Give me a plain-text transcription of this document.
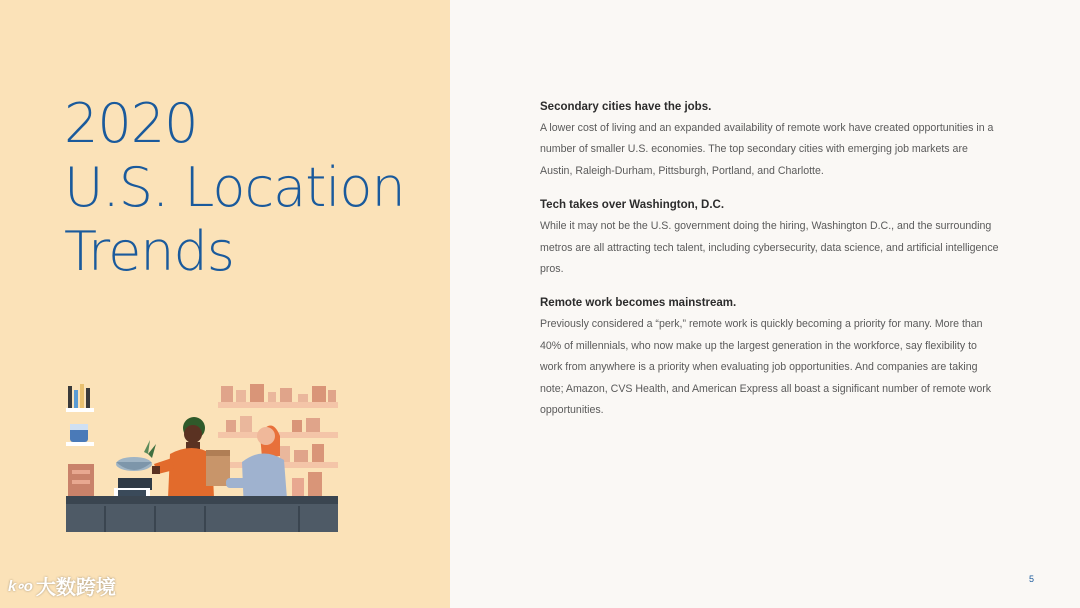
2020
U.S. Location
Trends
k∘o 大数跨境
Secondary cities have the jobs.

A lower cost of living and an expanded availability of remote work have created opportunities in a number of smaller U.S. economies. The top secondary cities with emerging job markets are Austin, Raleigh-Durham, Pittsburgh, Portland, and Charlotte.

Tech takes over Washington, D.C.

While it may not be the U.S. government doing the hiring, Washington D.C., and the surrounding metros are all attracting tech talent, including cybersecurity, data science, and artificial intelligence pros.

Remote work becomes mainstream.

Previously considered a “perk,” remote work is quickly becoming a priority for many. More than 40% of millennials, who now make up the largest generation in the workforce, say flexibility to work from anywhere is a priority when evaluating job opportunities. And companies are taking note; Amazon, CVS Health, and American Express all boast a significant number of remote work opportunities.

5
